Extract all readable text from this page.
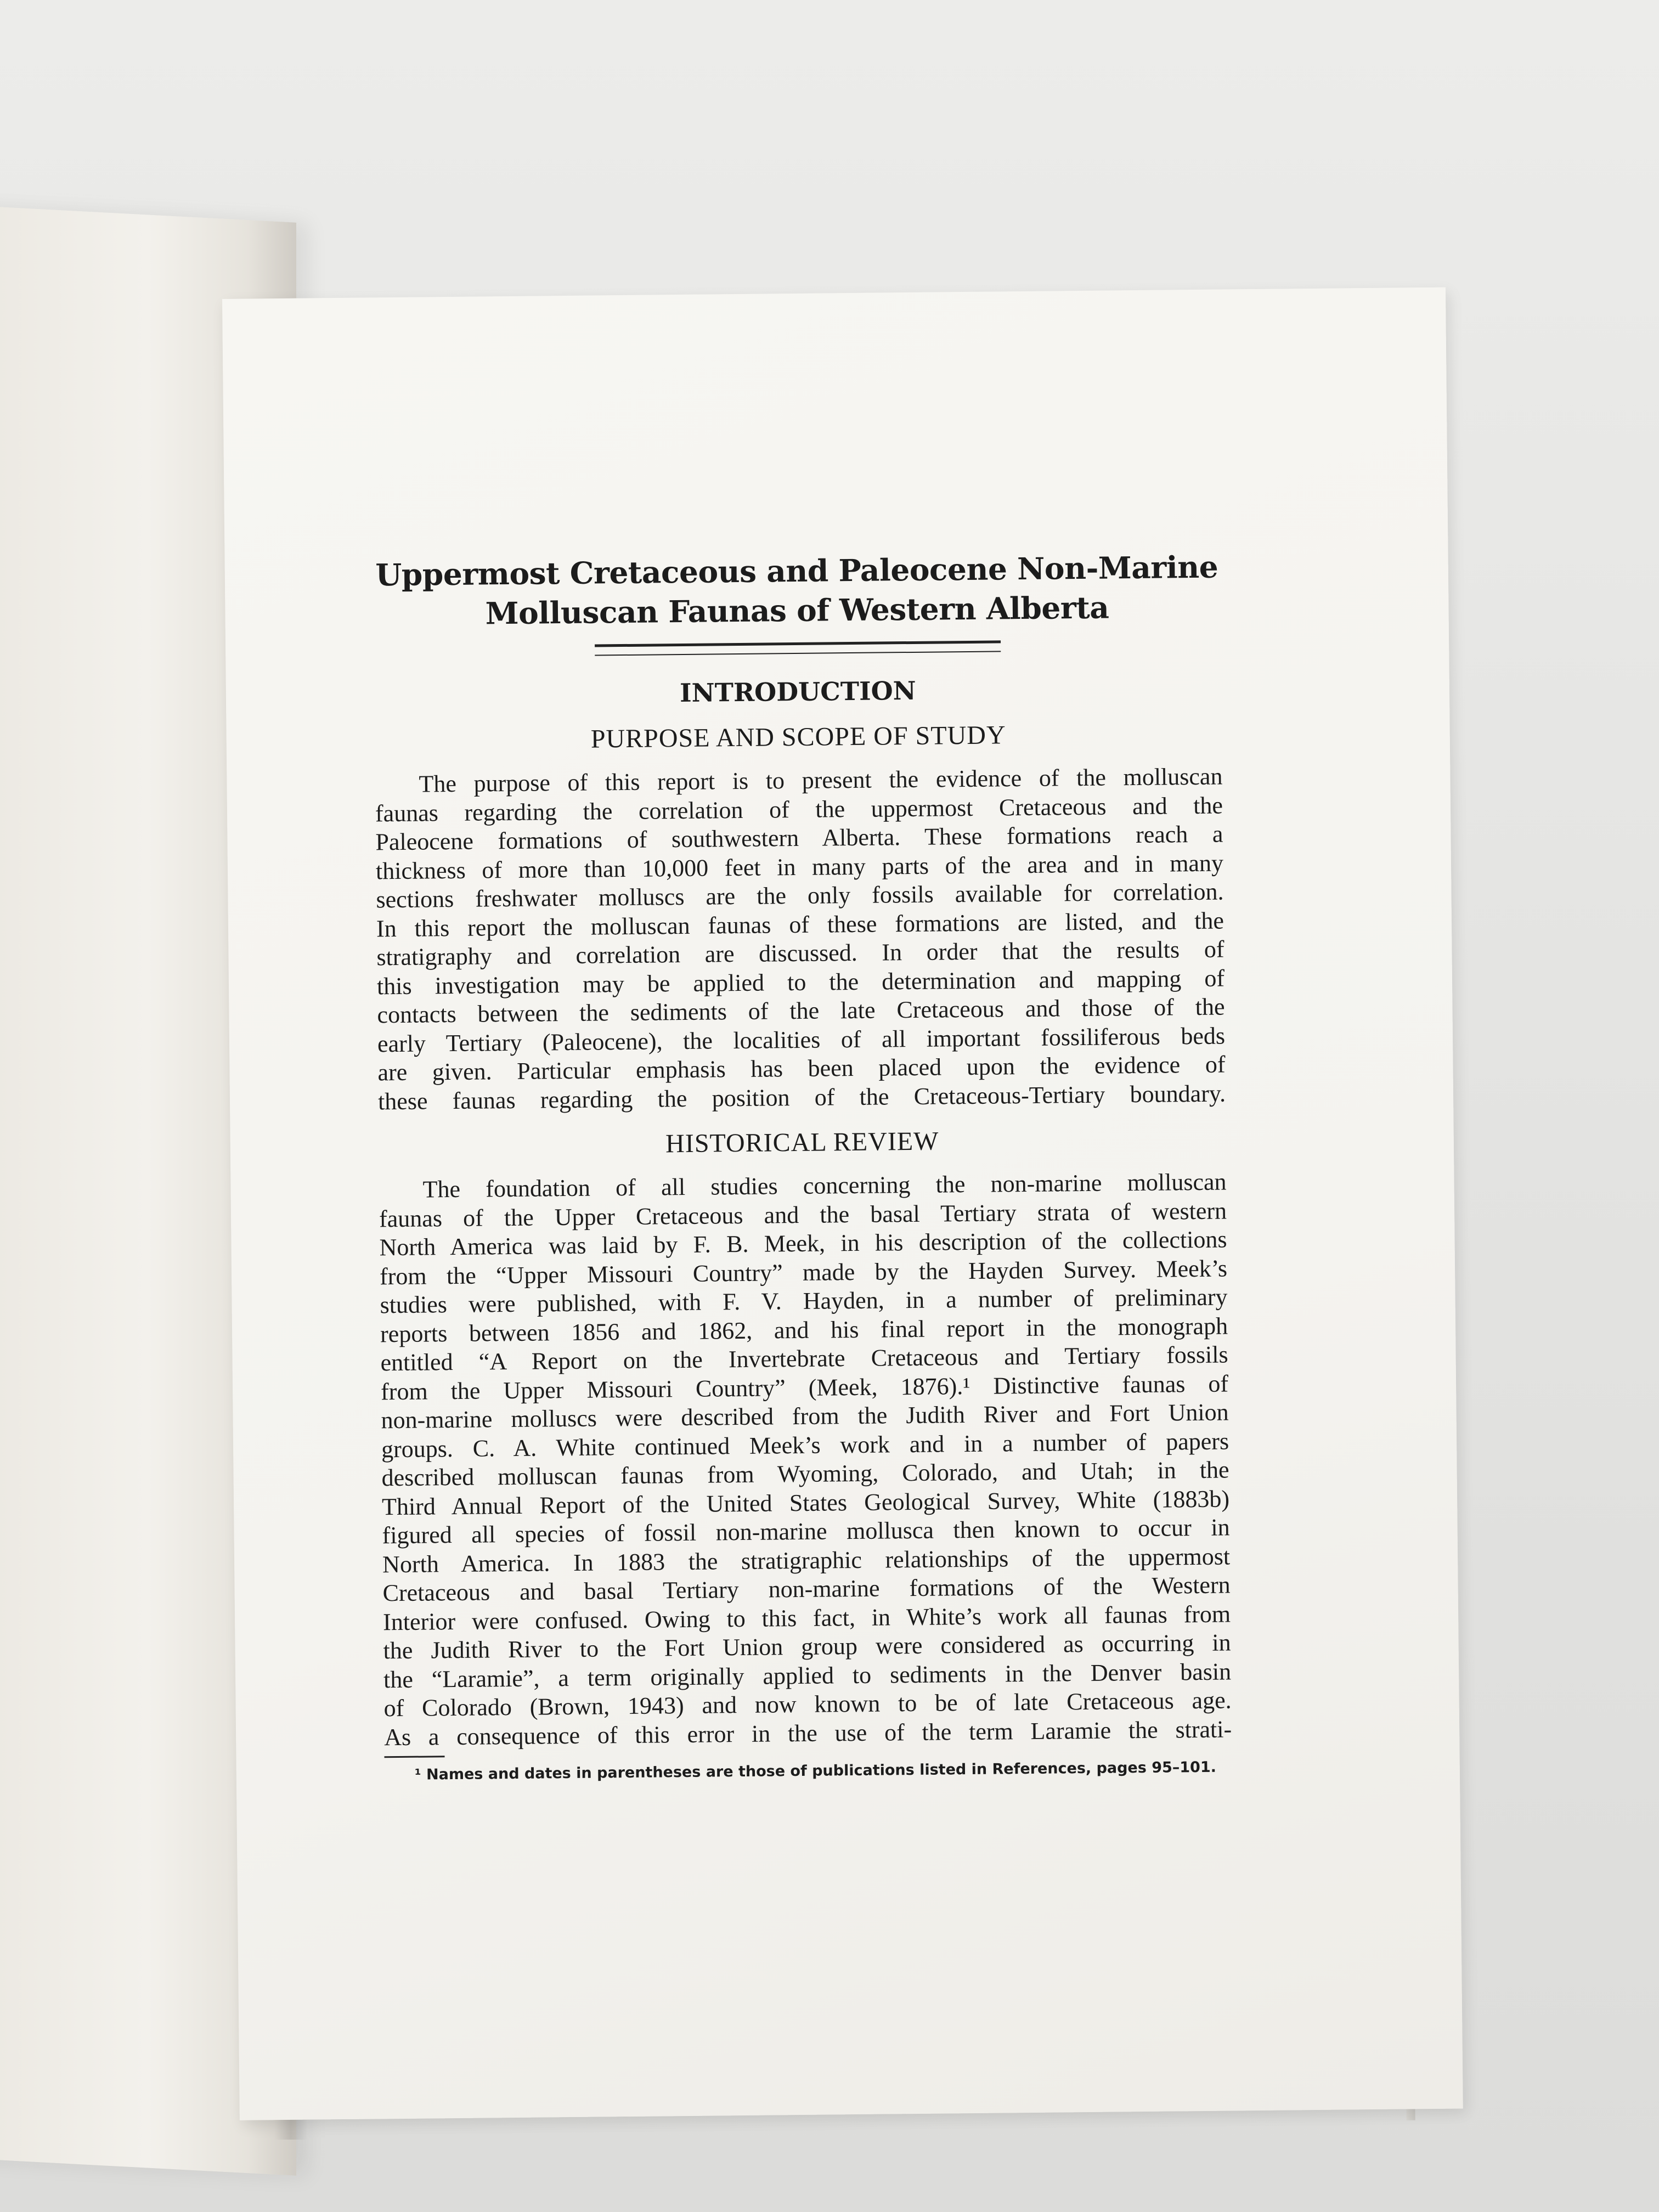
Uppermost Cretaceous and Paleocene Non-Marine
Molluscan Faunas of Western Alberta
INTRODUCTION
PURPOSE AND SCOPE OF STUDY
The purpose of this report is to present the evidence of the molluscan
faunas regarding the correlation of the uppermost Cretaceous and the
Paleocene formations of southwestern Alberta. These formations reach a
thickness of more than 10,000 feet in many parts of the area and in many
sections freshwater molluscs are the only fossils available for correlation.
In this report the molluscan faunas of these formations are listed, and the
stratigraphy and correlation are discussed. In order that the results of
this investigation may be applied to the determination and mapping of
contacts between the sediments of the late Cretaceous and those of the
early Tertiary (Paleocene), the localities of all important fossiliferous beds
are given. Particular emphasis has been placed upon the evidence of
these faunas regarding the position of the Cretaceous-Tertiary boundary.
HISTORICAL REVIEW
The foundation of all studies concerning the non-marine molluscan
faunas of the Upper Cretaceous and the basal Tertiary strata of western
North America was laid by F. B. Meek, in his description of the collections
from the “Upper Missouri Country” made by the Hayden Survey. Meek’s
studies were published, with F. V. Hayden, in a number of preliminary
reports between 1856 and 1862, and his final report in the monograph
entitled “A Report on the Invertebrate Cretaceous and Tertiary fossils
from the Upper Missouri Country” (Meek, 1876).¹ Distinctive faunas of
non-marine molluscs were described from the Judith River and Fort Union
groups. C. A. White continued Meek’s work and in a number of papers
described molluscan faunas from Wyoming, Colorado, and Utah; in the
Third Annual Report of the United States Geological Survey, White (1883b)
figured all species of fossil non-marine mollusca then known to occur in
North America. In 1883 the stratigraphic relationships of the uppermost
Cretaceous and basal Tertiary non-marine formations of the Western
Interior were confused. Owing to this fact, in White’s work all faunas from
the Judith River to the Fort Union group were considered as occurring in
the “Laramie”, a term originally applied to sediments in the Denver basin
of Colorado (Brown, 1943) and now known to be of late Cretaceous age.
As a consequence of this error in the use of the term Laramie the strati-
¹ Names and dates in parentheses are those of publications listed in References, pages 95–101.
